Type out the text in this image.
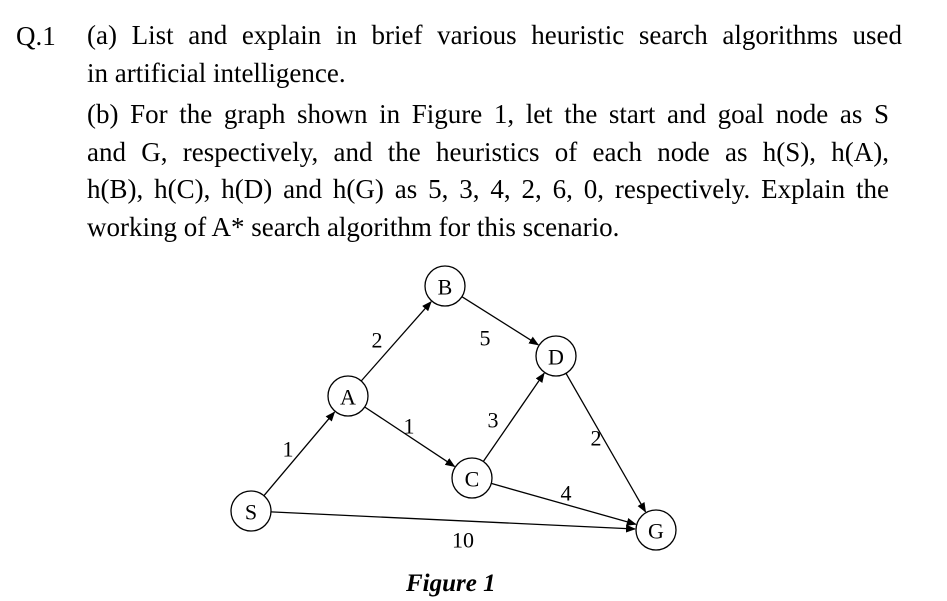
Q.1 (a) List and explain in brief various heuristic search algorithms used
in artificial intelligence.
(b) For the graph shown in Figure 1, let the start and goal node as S
and G, respectively, and the heuristics of each node as h(S), h(A),
h(B), h(C), h(D) and h(G) as 5, 3, 4, 2, 6, 0, respectively. Explain the
working of A* search algorithm for this scenario.
1
2
1
5
3
2
4
10
S
A
B
C
D
G
Figure 1
